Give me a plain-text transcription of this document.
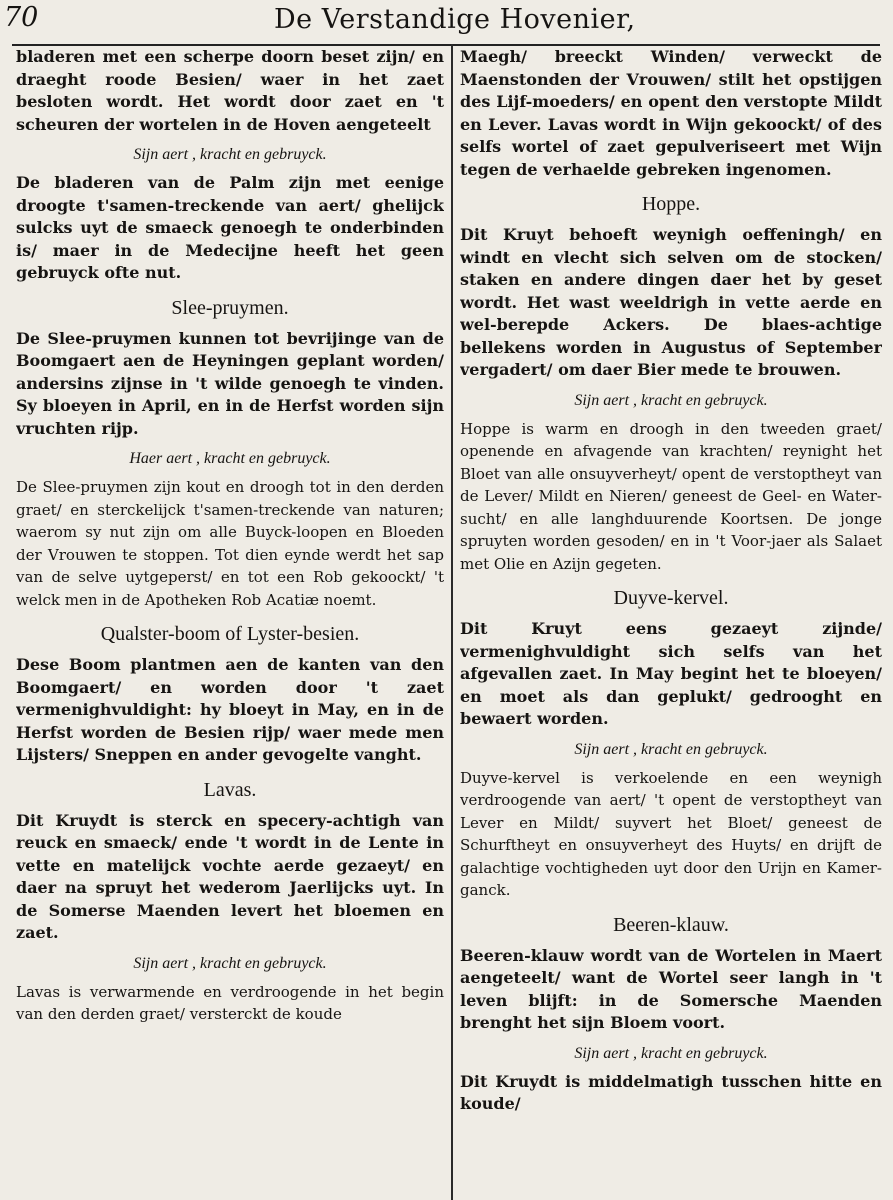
70	De Verstandige Hovenier,

bladeren met een scherpe doorn beset zijn/ en draeght roode Besien/ waer in het zaet besloten wordt. Het wordt door zaet en 't scheuren der wortelen in de Hoven aengeteelt

Sijn aert , kracht en gebruyck.

De bladeren van de Palm zijn met eenige droogte t'samen-treckende van aert/ ghelijck sulcks uyt de smaeck genoegh te onderbinden is/ maer in de Medecijne heeft het geen gebruyck ofte nut.

Slee-pruymen.

De Slee-pruymen kunnen tot bevrijinge van de Boomgaert aen de Heyningen geplant worden/ andersins zijnse in 't wilde genoegh te vinden. Sy bloeyen in April, en in de Herfst worden sijn vruchten rijp.

Haer aert , kracht en gebruyck.

De Slee-pruymen zijn kout en droogh tot in den derden graet/ en sterckelijck t'samen-treckende van naturen; waerom sy nut zijn om alle Buyck-loopen en Bloeden der Vrouwen te stoppen. Tot dien eynde werdt het sap van de selve uytgeperst/ en tot een Rob gekoockt/ 't welck men in de Apotheken Rob Acatiæ noemt.

Qualster-boom of Lyster-besien.

Dese Boom plantmen aen de kanten van den Boomgaert/ en worden door 't zaet vermenighvuldight: hy bloeyt in May, en in de Herfst worden de Besien rijp/ waer mede men Lijsters/ Sneppen en ander gevogelte vanght.

Lavas.

Dit Kruydt is sterck en specery-achtigh van reuck en smaeck/ ende 't wordt in de Lente in vette en matelijck vochte aerde gezaeyt/ en daer na spruyt het wederom Jaerlijcks uyt. In de Somerse Maenden levert het bloemen en zaet.

Sijn aert , kracht en gebruyck.

Lavas is verwarmende en verdroogende in het begin van den derden graet/ versterckt de koude

Maegh/ breeckt Winden/ verweckt de Maenstonden der Vrouwen/ stilt het opstijgen des Lijf-moeders/ en opent den verstopte Mildt en Lever. Lavas wordt in Wijn gekoockt/ of des selfs wortel of zaet gepulveriseert met Wijn tegen de verhaelde gebreken ingenomen.

Hoppe.

Dit Kruyt behoeft weynigh oeffeningh/ en windt en vlecht sich selven om de stocken/ staken en andere dingen daer het by geset wordt. Het wast weeldrigh in vette aerde en wel-berepde Ackers. De blaes-achtige bellekens worden in Augustus of September vergadert/ om daer Bier mede te brouwen.

Sijn aert , kracht en gebruyck.

Hoppe is warm en droogh in den tweeden graet/ openende en afvagende van krachten/ reynight het Bloet van alle onsuyverheyt/ opent de verstoptheyt van de Lever/ Mildt en Nieren/ geneest de Geel- en Water-sucht/ en alle langhduurende Koortsen. De jonge spruyten worden gesoden/ en in 't Voor-jaer als Salaet met Olie en Azijn gegeten.

Duyve-kervel.

Dit Kruyt eens gezaeyt zijnde/ vermenighvuldight sich selfs van het afgevallen zaet. In May begint het te bloeyen/ en moet als dan geplukt/ gedrooght en bewaert worden.

Sijn aert , kracht en gebruyck.

Duyve-kervel is verkoelende en een weynigh verdroogende van aert/ 't opent de verstoptheyt van Lever en Mildt/ suyvert het Bloet/ geneest de Schurftheyt en onsuyverheyt des Huyts/ en drijft de galachtige vochtigheden uyt door den Urijn en Kamer-ganck.

Beeren-klauw.

Beeren-klauw wordt van de Wortelen in Maert aengeteelt/ want de Wortel seer langh in 't leven blijft: in de Somersche Maenden brenght het sijn Bloem voort.

Sijn aert , kracht en gebruyck.

Dit Kruydt is middelmatigh tusschen hitte en koude/
